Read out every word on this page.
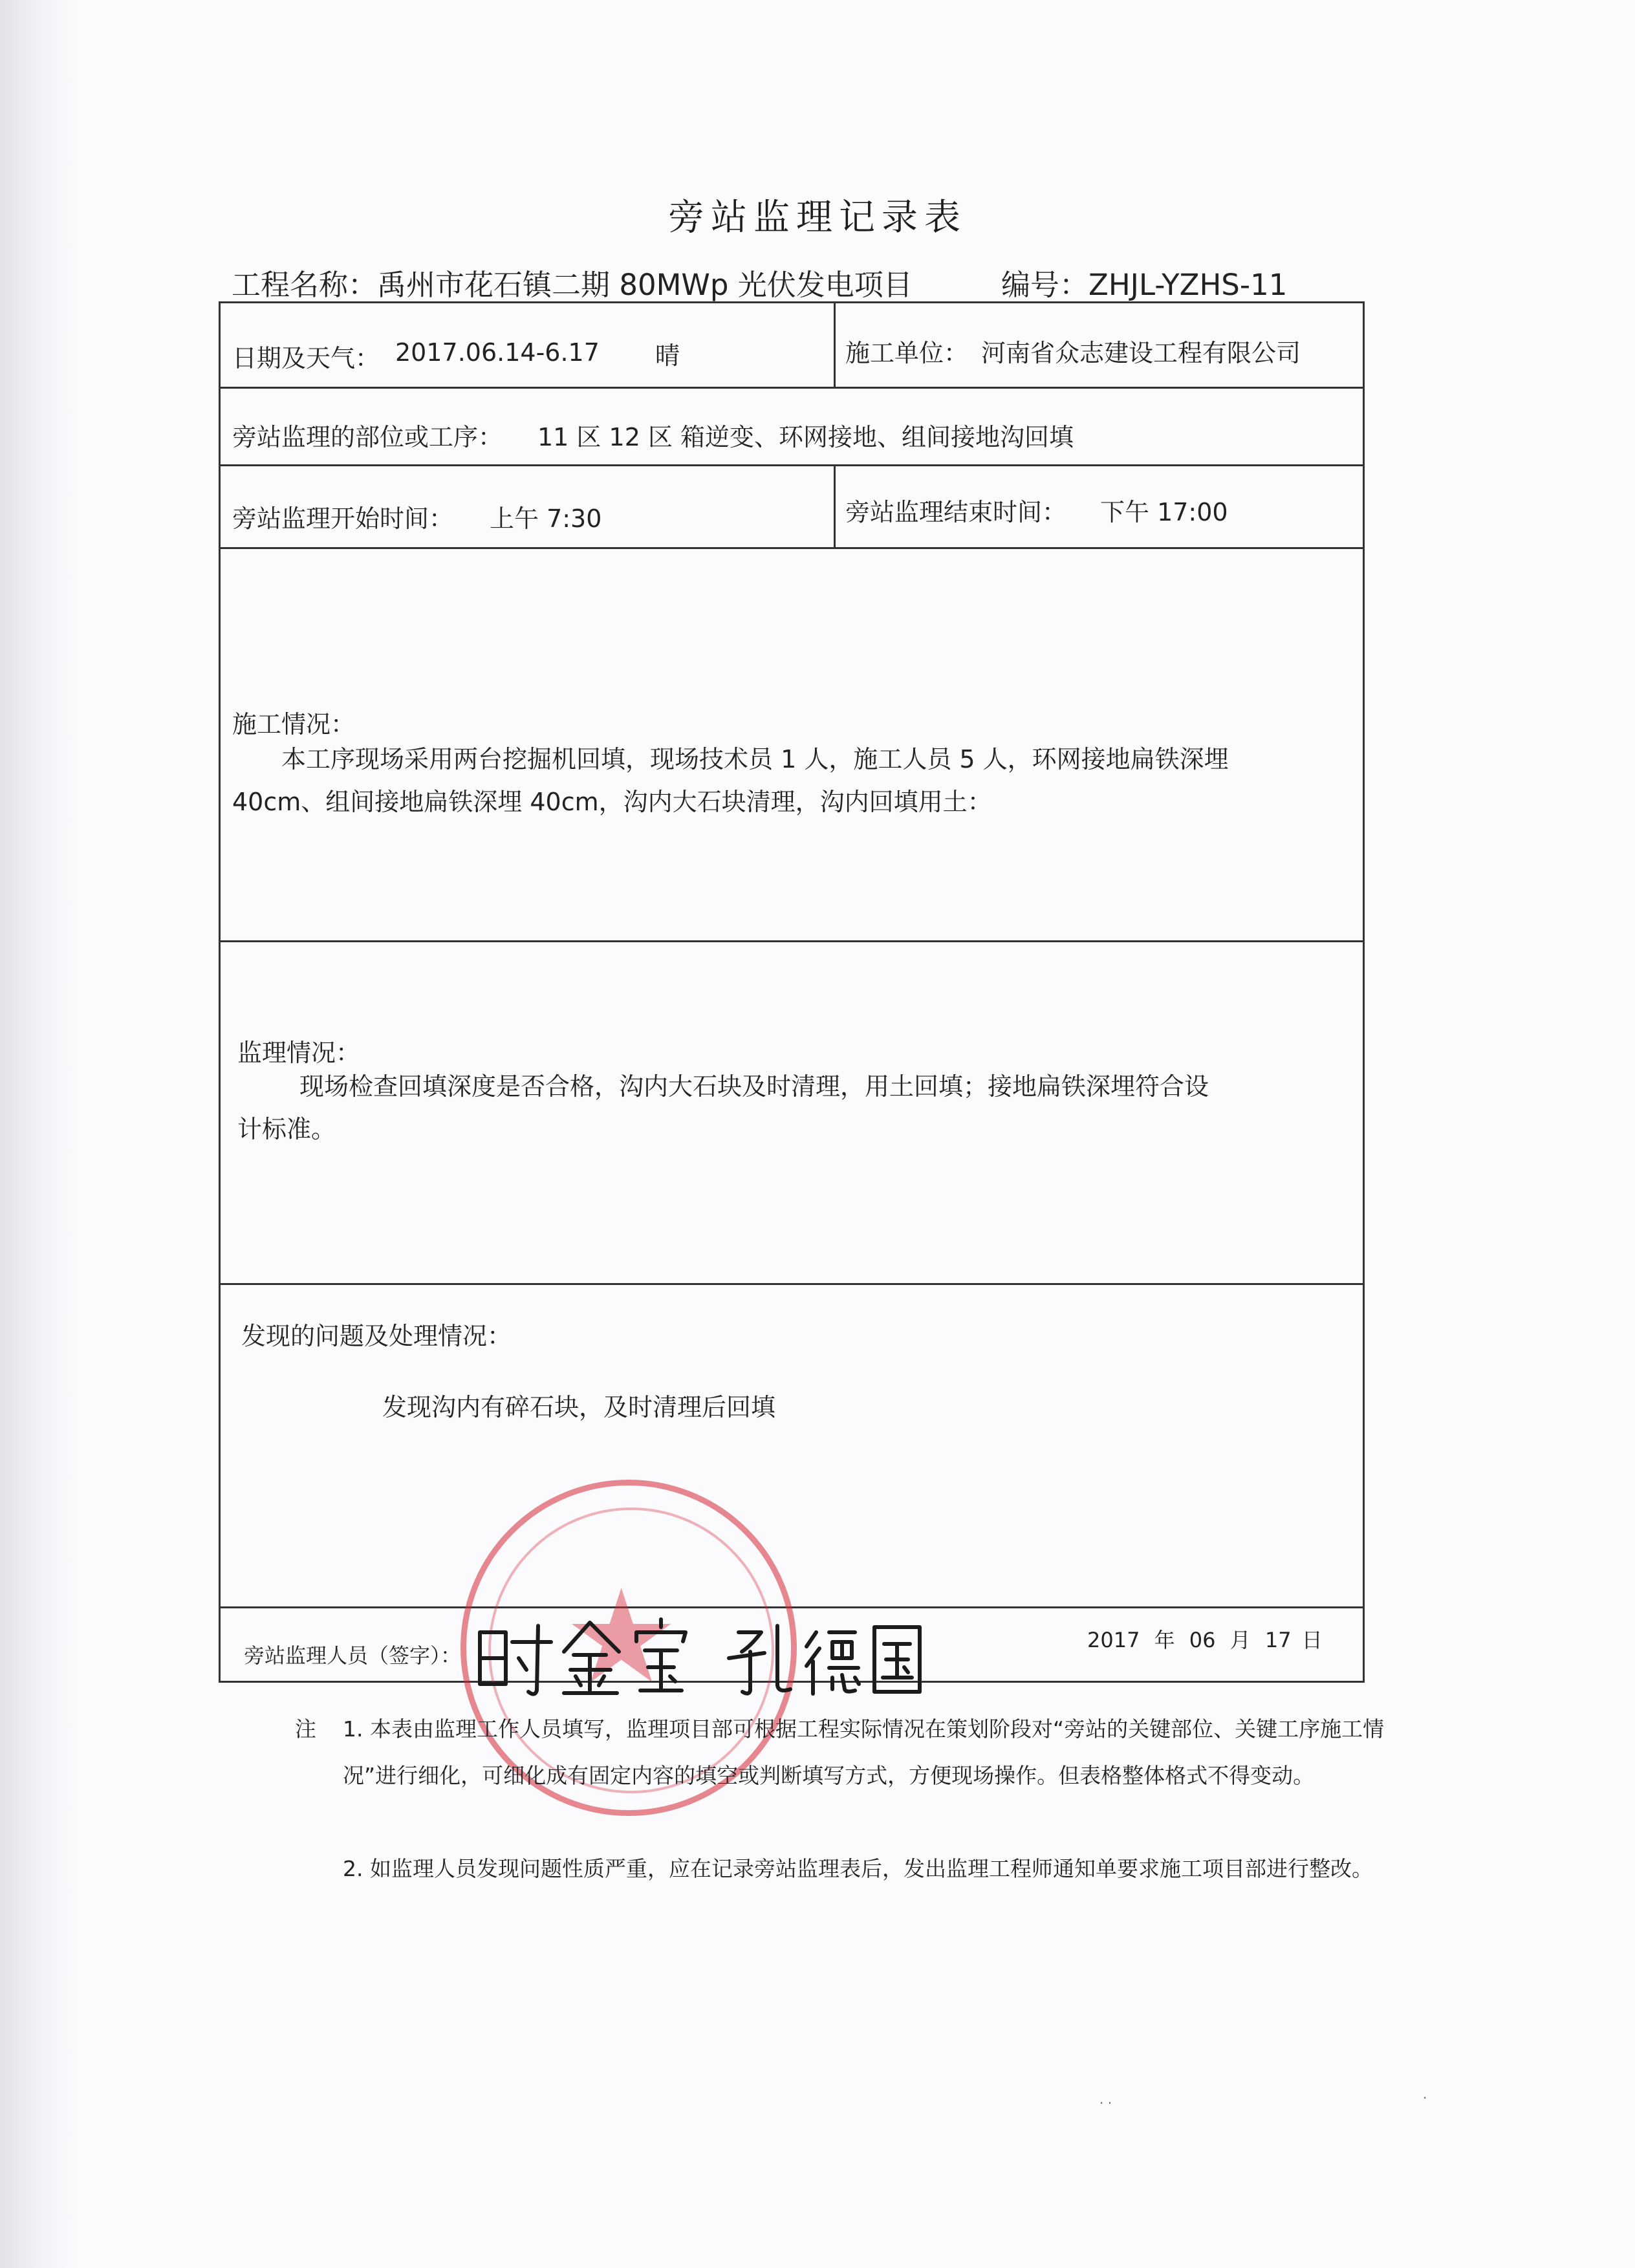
旁站监理记录表
工程名称：禹州市花石镇二期 80MWp 光伏发电项目	编号：ZHJL-YZHS-11
日期及天气： 2017.06.14-6.17 晴	施工单位： 河南省众志建设工程有限公司
旁站监理的部位或工序： 11 区 12 区 箱逆变、环网接地、组间接地沟回填
旁站监理开始时间： 上午 7:30	旁站监理结束时间： 下午 17:00
施工情况：
本工序现场采用两台挖掘机回填，现场技术员 1 人，施工人员 5 人，环网接地扁铁深埋
40cm、组间接地扁铁深埋 40cm，沟内大石块清理，沟内回填用土：
监理情况：
现场检查回填深度是否合格，沟内大石块及时清理，用土回填；接地扁铁深埋符合设
计标准。
发现的问题及处理情况：
发现沟内有碎石块，及时清理后回填
旁站监理人员（签字）：
2017 年 06 月 17 日
★
注 1. 本表由监理工作人员填写，监理项目部可根据工程实际情况在策划阶段对“旁站的关键部位、关键工序施工情况”进行细化，可细化成有固定内容的填空或判断填写方式，方便现场操作。但表格整体格式不得变动。
2. 如监理人员发现问题性质严重，应在记录旁站监理表后，发出监理工程师通知单要求施工项目部进行整改。
· ·	·
